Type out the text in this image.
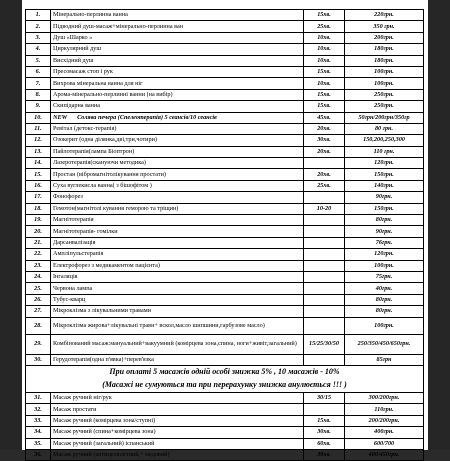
1.	Мінерально-перлинна ванна	15хв.	220грн.
2.	Підводний душ-масаж+мінерально-перлинна ван	25хв.	350 грн.
3.	Душ «Шарко »	10хв.	200грн.
4.	Циркулярний душ	10хв.	180грн.
5.	Висхідний душ	10хв.	180грн.
6.	Пресомасаж стоп і рук	15хв.	100грн.
7.	Вихрова мінеральна ванна для ніг	10хв.	100грн.
8.	Арома-мінерально-перлинні ванни (на вибір)	15хв.	250грн.
9.	Скипідарна ванна	15хв.	250грн.
10.	NEW Солява печера (Спелеотерапія) 5 сеансів/10 сеансів	45хв.	50грн/200грн/350гр
11.	Ревітал (детокс-терапія)	20хв.	80 грн.
12.	Озокерит (одна ділянка,дві,три,чотири)	30хв.	150,200,250,300
13.	Пайлотерапія(лампа Біоптрон)	20хв.	110 грн.
14.	Лазеротерапія(скануючи методика)		120грн.
15.	Простан (вібромагнітолікування простати)	20хв.	150грн.
16.	Суха вуглекисла ванна( з бішофітом )	25хв.	140грн.
17.	Фонофорез		90грн.
18.	Гемотон(магнітолі кування геморою та тріщин)	10-20	150грн.
19.	Магнітотерапія		80грн.
20.	Магнітотерапія- гомілки		90грн.
21.	Дарсанвалізація		76грн.
22.	Ампліпульстерапія		120грн.
23.	Електрофорез з медикаментом пацієнта)		100грн.
24.	Інгаляція		75грн.
25.	Червона лампа		40грн.
26.	Тубус-кварц		80грн.
27.	Мікроклізма з лікувальними травами		80грн.
28.	Мікроклізма жирова+лікувальні травн+ вскол,масло шипшини,гарбузове масло)		100грн.
29.	Комбінований масаж:мануальний+вакуумний (комірцева зона,спина, ноги+живіт,загальний)	15/25/30/50	250/350/450/650грн.
30.	Герудотерапія(одна п'явка)+перев'язка		85грн
При оплаті 5 масажів одній особі знижка 5% , 10 масажів - 10%			
(Масажі не сумуються та при перерахунку знижка анулюється !!! )			
31.	Масаж ручний ніг/рук	30/15	300/200грн.
32.	Масаж простати		110грн.
33.	Масаж ручний (комірцева зона/ступні)	15хв.	200/200грн.
34.	Масаж ручний (спина+комірцева зона)	30хв.	400грн.
35.	Масаж ручний (загальний) іспанський	60хв.	600/700
36.	Масаж ручний (антицелюлітний,+ медовий)	30хв.	400/450грн.
